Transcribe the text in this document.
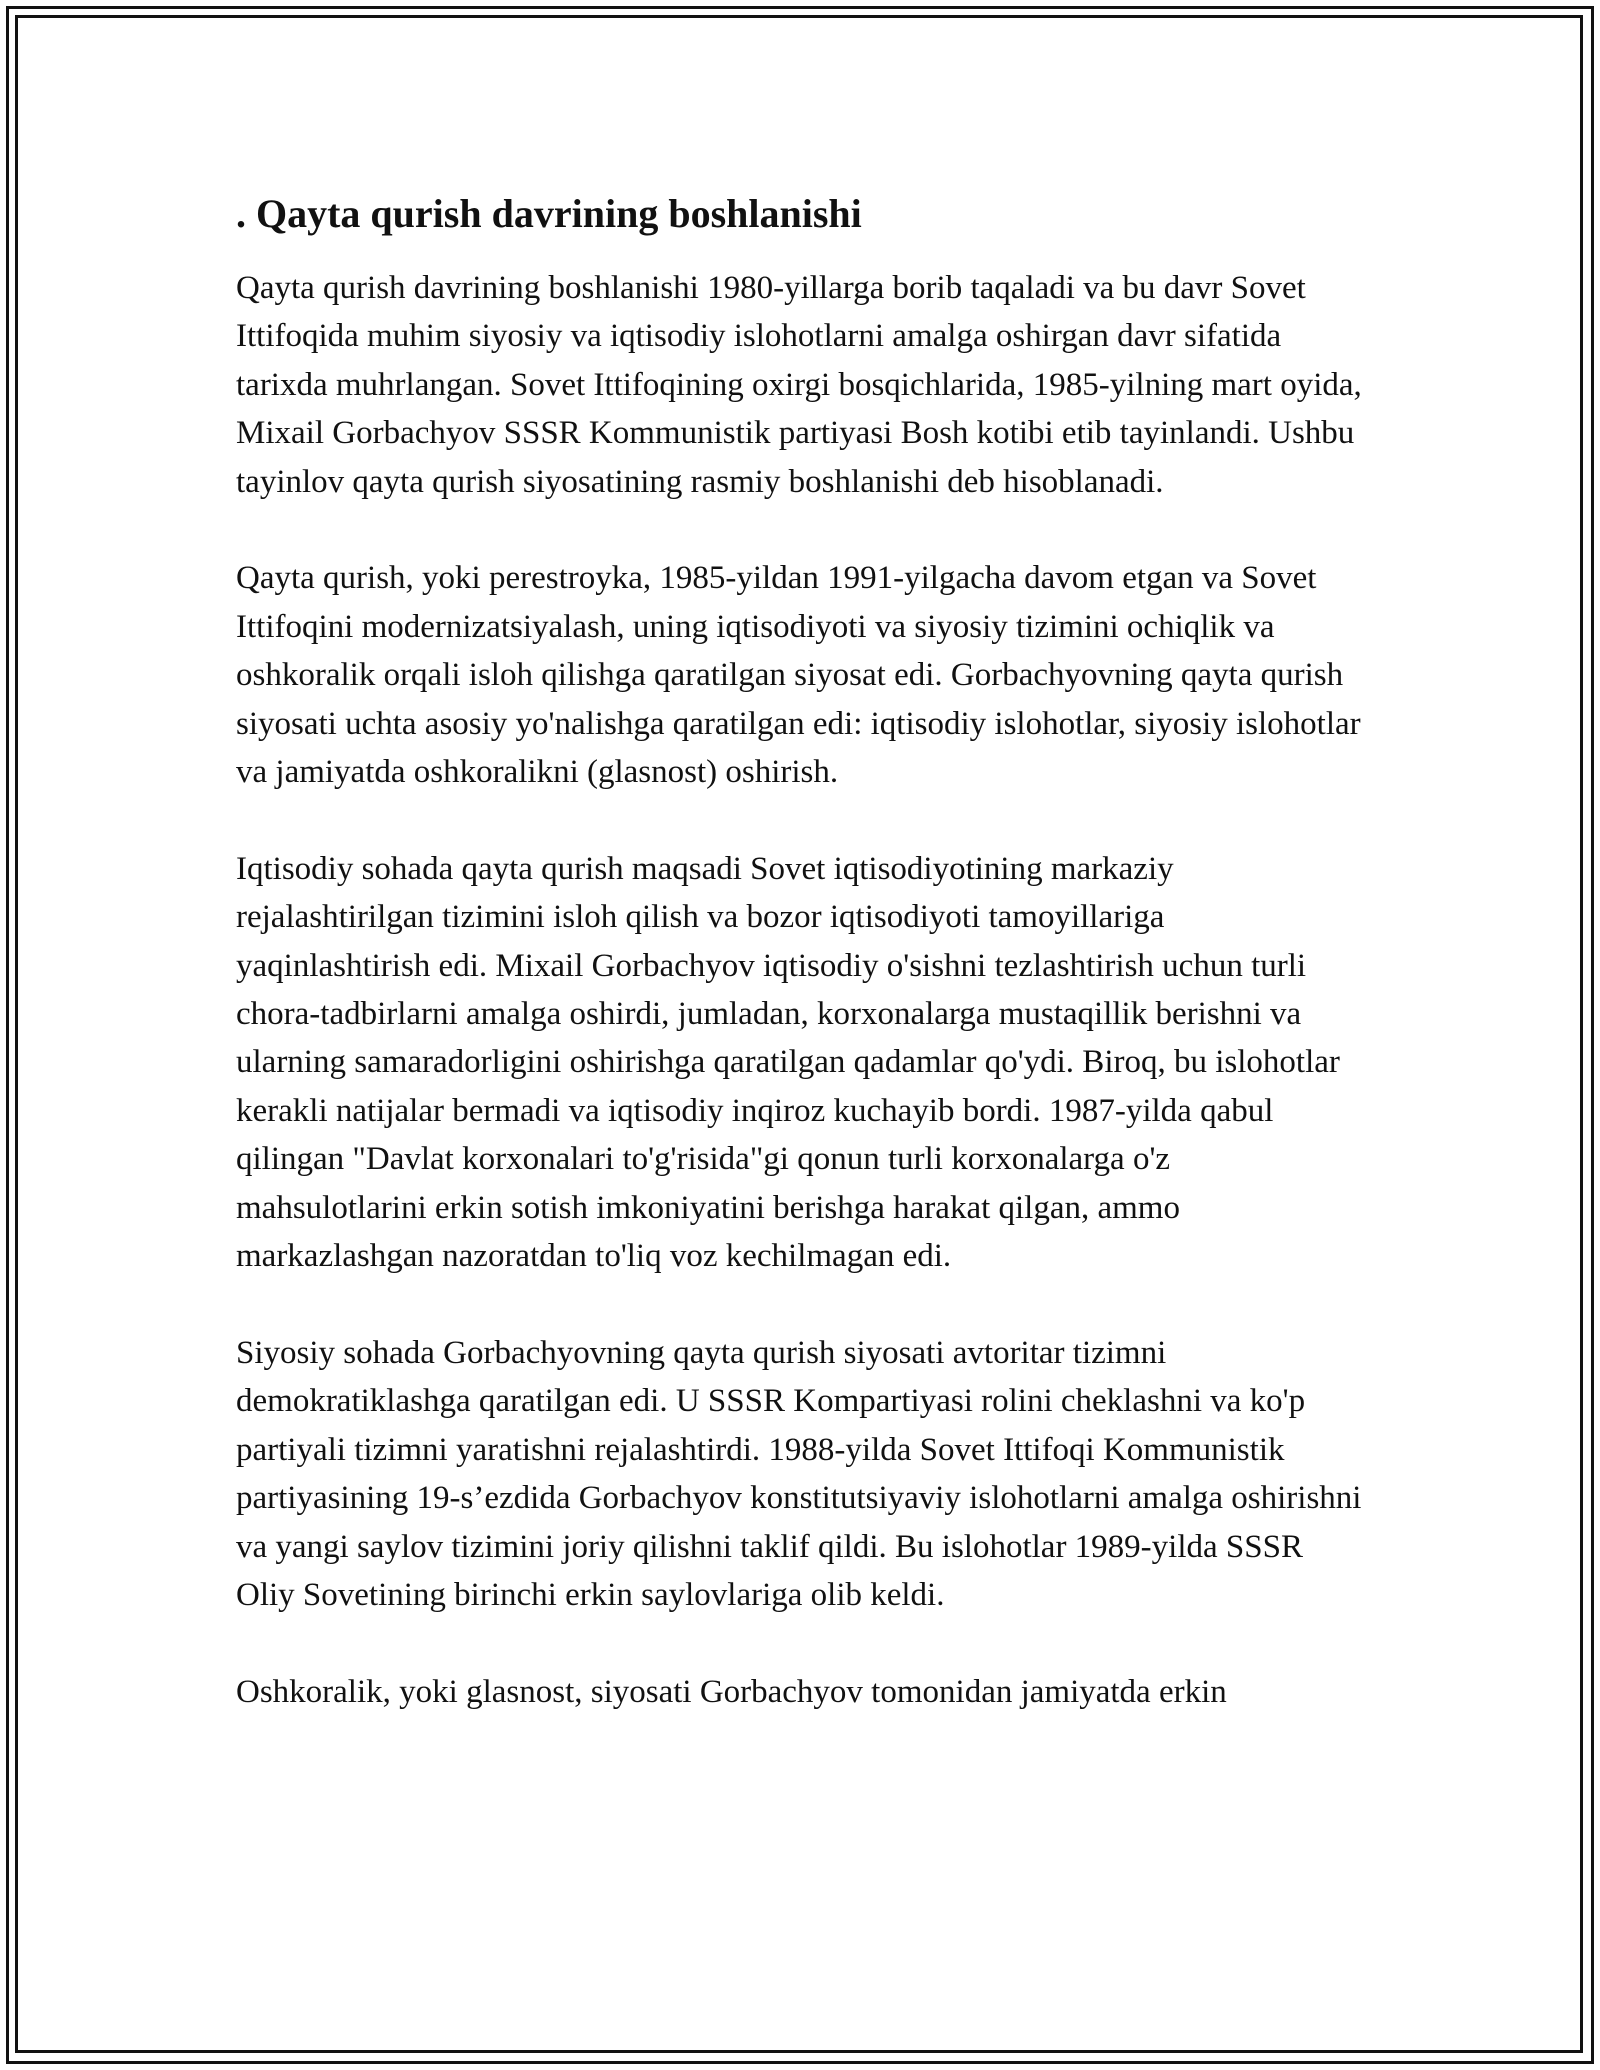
. Qayta qurish davrining boshlanishi

Qayta qurish davrining boshlanishi 1980-yillarga borib taqaladi va bu davr Sovet Ittifoqida muhim siyosiy va iqtisodiy islohotlarni amalga oshirgan davr sifatida tarixda muhrlangan. Sovet Ittifoqining oxirgi bosqichlarida, 1985-yilning mart oyida, Mixail Gorbachyov SSSR Kommunistik partiyasi Bosh kotibi etib tayinlandi. Ushbu tayinlov qayta qurish siyosatining rasmiy boshlanishi deb hisoblanadi.

Qayta qurish, yoki perestroyka, 1985-yildan 1991-yilgacha davom etgan va Sovet Ittifoqini modernizatsiyalash, uning iqtisodiyoti va siyosiy tizimini ochiqlik va oshkoralik orqali isloh qilishga qaratilgan siyosat edi. Gorbachyovning qayta qurish siyosati uchta asosiy yo'nalishga qaratilgan edi: iqtisodiy islohotlar, siyosiy islohotlar va jamiyatda oshkoralikni (glasnost) oshirish.

Iqtisodiy sohada qayta qurish maqsadi Sovet iqtisodiyotining markaziy rejalashtirilgan tizimini isloh qilish va bozor iqtisodiyoti tamoyillariga yaqinlashtirish edi. Mixail Gorbachyov iqtisodiy o'sishni tezlashtirish uchun turli chora-tadbirlarni amalga oshirdi, jumladan, korxonalarga mustaqillik berishni va ularning samaradorligini oshirishga qaratilgan qadamlar qo'ydi. Biroq, bu islohotlar kerakli natijalar bermadi va iqtisodiy inqiroz kuchayib bordi. 1987-yilda qabul qilingan "Davlat korxonalari to'g'risida"gi qonun turli korxonalarga o'z mahsulotlarini erkin sotish imkoniyatini berishga harakat qilgan, ammo markazlashgan nazoratdan to'liq voz kechilmagan edi.

Siyosiy sohada Gorbachyovning qayta qurish siyosati avtoritar tizimni demokratiklashga qaratilgan edi. U SSSR Kompartiyasi rolini cheklashni va ko'p partiyali tizimni yaratishni rejalashtirdi. 1988-yilda Sovet Ittifoqi Kommunistik partiyasining 19-s’ezdida Gorbachyov konstitutsiyaviy islohotlarni amalga oshirishni va yangi saylov tizimini joriy qilishni taklif qildi. Bu islohotlar 1989-yilda SSSR Oliy Sovetining birinchi erkin saylovlariga olib keldi.

Oshkoralik, yoki glasnost, siyosati Gorbachyov tomonidan jamiyatda erkin
